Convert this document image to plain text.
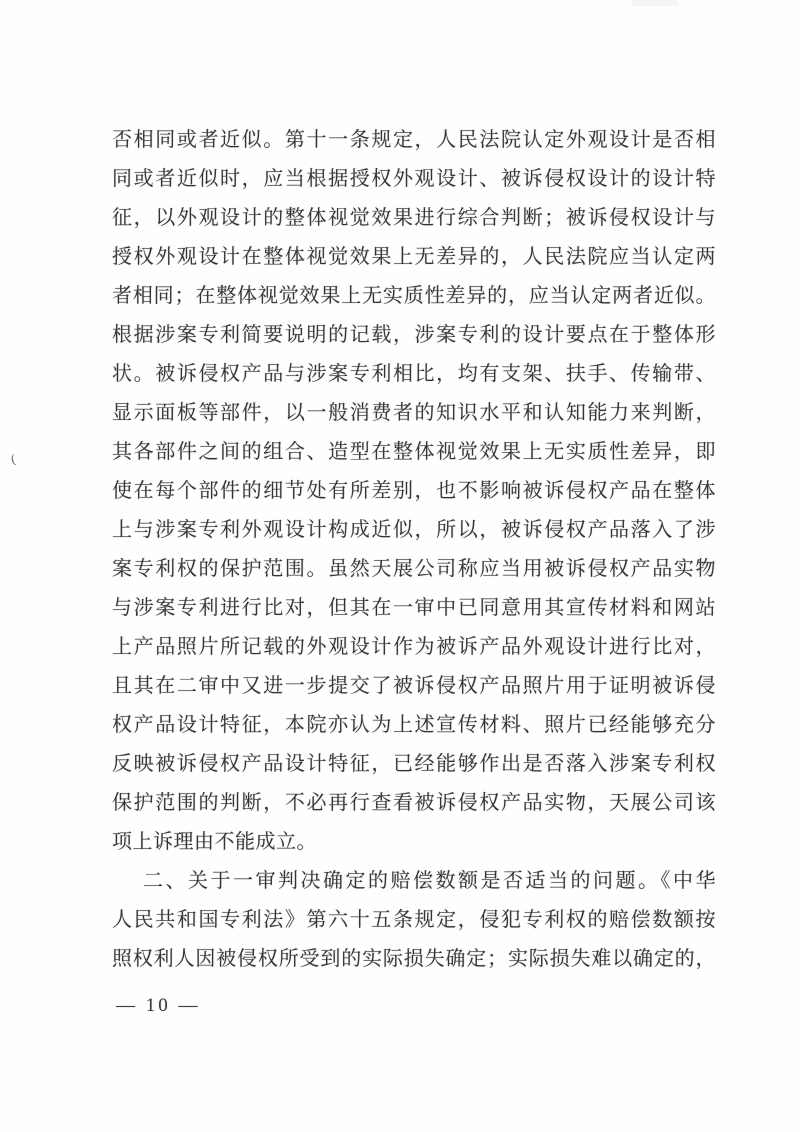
(
否相同或者近似。第十一条规定，人民法院认定外观设计是否相
同或者近似时，应当根据授权外观设计、被诉侵权设计的设计特
征，以外观设计的整体视觉效果进行综合判断；被诉侵权设计与
授权外观设计在整体视觉效果上无差异的，人民法院应当认定两
者相同；在整体视觉效果上无实质性差异的，应当认定两者近似。
根据涉案专利简要说明的记载，涉案专利的设计要点在于整体形
状。被诉侵权产品与涉案专利相比，均有支架、扶手、传输带、
显示面板等部件，以一般消费者的知识水平和认知能力来判断，
其各部件之间的组合、造型在整体视觉效果上无实质性差异，即
使在每个部件的细节处有所差别，也不影响被诉侵权产品在整体
上与涉案专利外观设计构成近似，所以，被诉侵权产品落入了涉
案专利权的保护范围。虽然天展公司称应当用被诉侵权产品实物
与涉案专利进行比对，但其在一审中已同意用其宣传材料和网站
上产品照片所记载的外观设计作为被诉产品外观设计进行比对，
且其在二审中又进一步提交了被诉侵权产品照片用于证明被诉侵
权产品设计特征，本院亦认为上述宣传材料、照片已经能够充分
反映被诉侵权产品设计特征，已经能够作出是否落入涉案专利权
保护范围的判断，不必再行查看被诉侵权产品实物，天展公司该
项上诉理由不能成立。
二、关于一审判决确定的赔偿数额是否适当的问题。《中华
人民共和国专利法》第六十五条规定，侵犯专利权的赔偿数额按
照权利人因被侵权所受到的实际损失确定；实际损失难以确定的，
— 10 —
